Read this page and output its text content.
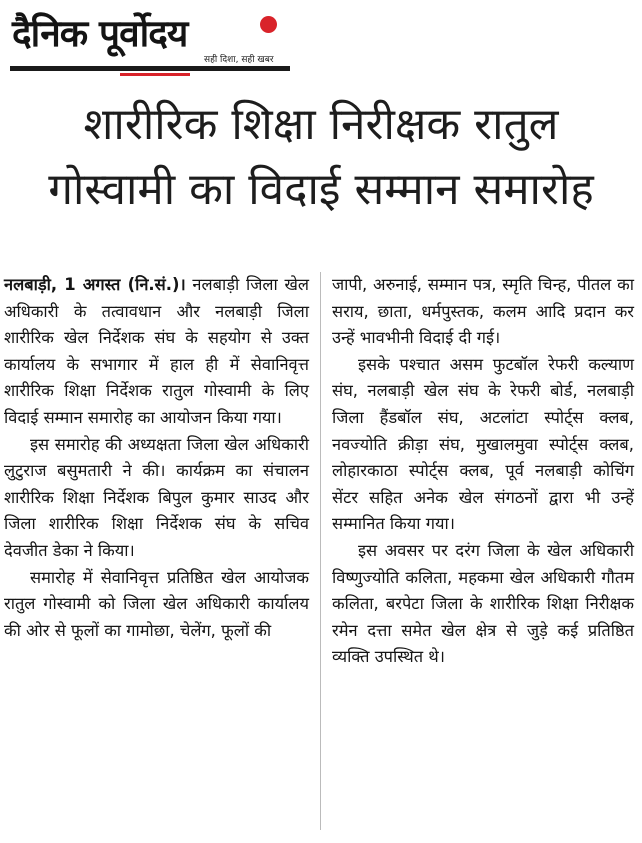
दैनिक पूर्वोदय
सही दिशा, सही खबर
शारीरिक शिक्षा निरीक्षक रातुल
गोस्वामी का विदाई सम्मान समारोह

नलबाड़ी, 1 अगस्त (नि.सं.)। नलबाड़ी जिला खेल अधिकारी के तत्वावधान और नलबाड़ी जिला शारीरिक खेल निर्देशक संघ के सहयोग से उक्त कार्यालय के सभागार में हाल ही में सेवानिवृत्त शारीरिक शिक्षा निर्देशक रातुल गोस्वामी के लिए विदाई सम्मान समारोह का आयोजन किया गया।

इस समारोह की अध्यक्षता जिला खेल अधिकारी लुटुराज बसुमतारी ने की। कार्यक्रम का संचालन शारीरिक शिक्षा निर्देशक बिपुल कुमार साउद और जिला शारीरिक शिक्षा निर्देशक संघ के सचिव देवजीत डेका ने किया।

समारोह में सेवानिवृत्त प्रतिष्ठित खेल आयोजक रातुल गोस्वामी को जिला खेल अधिकारी कार्यालय की ओर से फूलों का गामोछा, चेलेंग, फूलों की

जापी, अरुनाई, सम्मान पत्र, स्मृति चिन्ह, पीतल का सराय, छाता, धर्मपुस्तक, कलम आदि प्रदान कर उन्हें भावभीनी विदाई दी गई।

इसके पश्चात असम फुटबॉल रेफरी कल्याण संघ, नलबाड़ी खेल संघ के रेफरी बोर्ड, नलबाड़ी जिला हैंडबॉल संघ, अटलांटा स्पोर्ट्स क्लब, नवज्योति क्रीड़ा संघ, मुखालमुवा स्पोर्ट्स क्लब, लोहारकाठा स्पोर्ट्स क्लब, पूर्व नलबाड़ी कोचिंग सेंटर सहित अनेक खेल संगठनों द्वारा भी उन्हें सम्मानित किया गया।

इस अवसर पर दरंग जिला के खेल अधिकारी विष्णुज्योति कलिता, महकमा खेल अधिकारी गौतम कलिता, बरपेटा जिला के शारीरिक शिक्षा निरीक्षक रमेन दत्ता समेत खेल क्षेत्र से जुड़े कई प्रतिष्ठित व्यक्ति उपस्थित थे।
